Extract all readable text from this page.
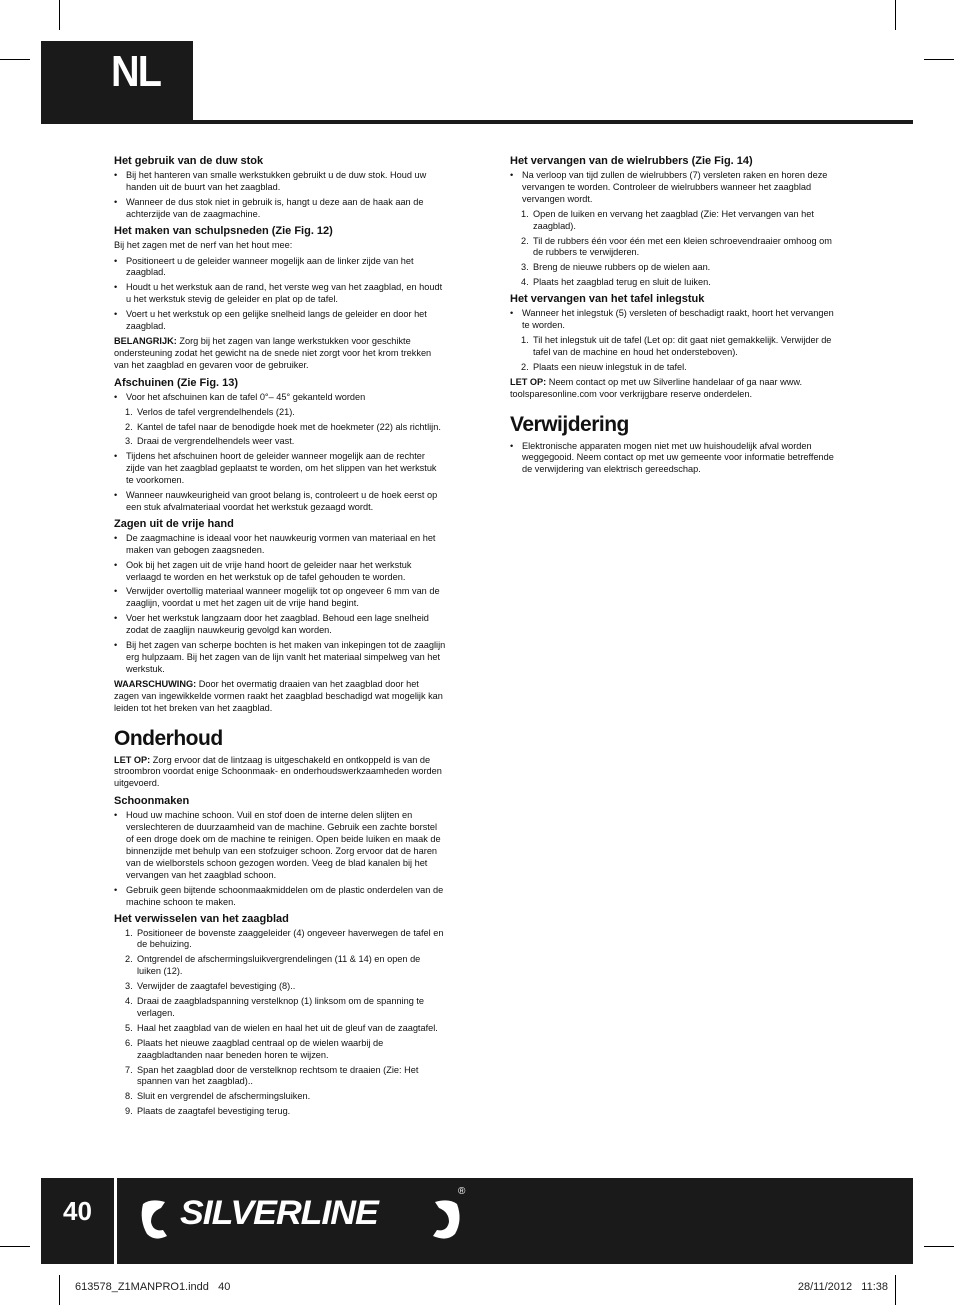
NL
Het gebruik van de duw stok
• Bij het hanteren van smalle werkstukken gebruikt u de duw stok. Houd uw handen uit de buurt van het zaagblad.
• Wanneer de dus stok niet in gebruik is, hangt u deze aan de haak aan de achterzijde van de zaagmachine.
Het maken van schulpsneden (Zie Fig. 12)

Bij het zagen met de nerf van het hout mee:

• Positioneert u de geleider wanneer mogelijk aan de linker zijde van het zaagblad.
• Houdt u het werkstuk aan de rand, het verste weg van het zaagblad, en houdt u het werkstuk stevig de geleider en plat op de tafel.
• Voert u het werkstuk op een gelijke snelheid langs de geleider en door het zaagblad.

BELANGRIJK: Zorg bij het zagen van lange werkstukken voor geschikte ondersteuning zodat het gewicht na de snede niet zorgt voor het krom trekken van het zaagblad en gevaren voor de gebruiker.

Afschuinen (Zie Fig. 13)
• Voor het afschuinen kan de tafel 0°– 45° gekanteld worden
1. Verlos de tafel vergrendelhendels (21).
2. Kantel de tafel naar de benodigde hoek met de hoekmeter (22) als richtlijn.
3. Draai de vergrendelhendels weer vast.
• Tijdens het afschuinen hoort de geleider wanneer mogelijk aan de rechter zijde van het zaagblad geplaatst te worden, om het slippen van het werkstuk te voorkomen.
• Wanneer nauwkeurigheid van groot belang is, controleert u de hoek eerst op een stuk afvalmateriaal voordat het werkstuk gezaagd wordt.
Zagen uit de vrije hand
• De zaagmachine is ideaal voor het nauwkeurig vormen van materiaal en het maken van gebogen zaagsneden.
• Ook bij het zagen uit de vrije hand hoort de geleider naar het werkstuk verlaagd te worden en het werkstuk op de tafel gehouden te worden.
• Verwijder overtollig materiaal wanneer mogelijk tot op ongeveer 6 mm van de zaaglijn, voordat u met het zagen uit de vrije hand begint.
• Voer het werkstuk langzaam door het zaagblad. Behoud een lage snelheid zodat de zaaglijn nauwkeurig gevolgd kan worden.
• Bij het zagen van scherpe bochten is het maken van inkepingen tot de zaaglijn erg hulpzaam. Bij het zagen van de lijn vanlt het materiaal simpelweg van het werkstuk.

WAARSCHUWING: Door het overmatig draaien van het zaagblad door het zagen van ingewikkelde vormen raakt het zaagblad beschadigd wat mogelijk kan leiden tot het breken van het zaagblad.

Onderhoud

LET OP: Zorg ervoor dat de lintzaag is uitgeschakeld en ontkoppeld is van de stroombron voordat enige Schoonmaak- en onderhoudswerkzaamheden worden uitgevoerd.

Schoonmaken
• Houd uw machine schoon. Vuil en stof doen de interne delen slijten en verslechteren de duurzaamheid van de machine. Gebruik een zachte borstel of een droge doek om de machine te reinigen. Open beide luiken en maak de binnenzijde met behulp van een stofzuiger schoon. Zorg ervoor dat de haren van de wielborstels schoon gezogen worden. Veeg de blad kanalen bij het vervangen van het zaagblad schoon.
• Gebruik geen bijtende schoonmaakmiddelen om de plastic onderdelen van de machine schoon te maken.
Het verwisselen van het zaagblad
1. Positioneer de bovenste zaaggeleider (4) ongeveer haverwegen de tafel en de behuizing.
2. Ontgrendel de afschermingsluikvergrendelingen (11 & 14) en open de luiken (12).
3. Verwijder de zaagtafel bevestiging (8)..
4. Draai de zaagbladspanning verstelknop (1) linksom om de spanning te verlagen.
5. Haal het zaagblad van de wielen en haal het uit de gleuf van de zaagtafel.
6. Plaats het nieuwe zaagblad centraal op de wielen waarbij de zaagbladtanden naar beneden horen te wijzen.
7. Span het zaagblad door de verstelknop rechtsom te draaien (Zie: Het spannen van het zaagblad)..
8. Sluit en vergrendel de afschermingsluiken.
9. Plaats de zaagtafel bevestiging terug.
Het vervangen van de wielrubbers (Zie Fig. 14)
• Na verloop van tijd zullen de wielrubbers (7) versleten raken en horen deze vervangen te worden. Controleer de wielrubbers wanneer het zaagblad vervangen wordt.
1. Open de luiken en vervang het zaagblad (Zie: Het vervangen van het zaagblad).
2. Til de rubbers één voor één met een kleien schroevendraaier omhoog om de rubbers te verwijderen.
3. Breng de nieuwe rubbers op de wielen aan.
4. Plaats het zaagblad terug en sluit de luiken.
Het vervangen van het tafel inlegstuk
• Wanneer het inlegstuk (5) versleten of beschadigt raakt, hoort het vervangen te worden.
1. Til het inlegstuk uit de tafel (Let op: dit gaat niet gemakkelijk. Verwijder de tafel van de machine en houd het ondersteboven).
2. Plaats een nieuw inlegstuk in de tafel.

LET OP: Neem contact op met uw Silverline handelaar of ga naar www. toolsparesonline.com voor verkrijgbare reserve onderdelen.

Verwijdering
• Elektronische apparaten mogen niet met uw huishoudelijk afval worden weggegooid. Neem contact op met uw gemeente voor informatie betreffende de verwijdering van elektrisch gereedschap.
40	SILVERLINE
®
613578_Z1MANPRO1.indd   40	28/11/2012   11:38
